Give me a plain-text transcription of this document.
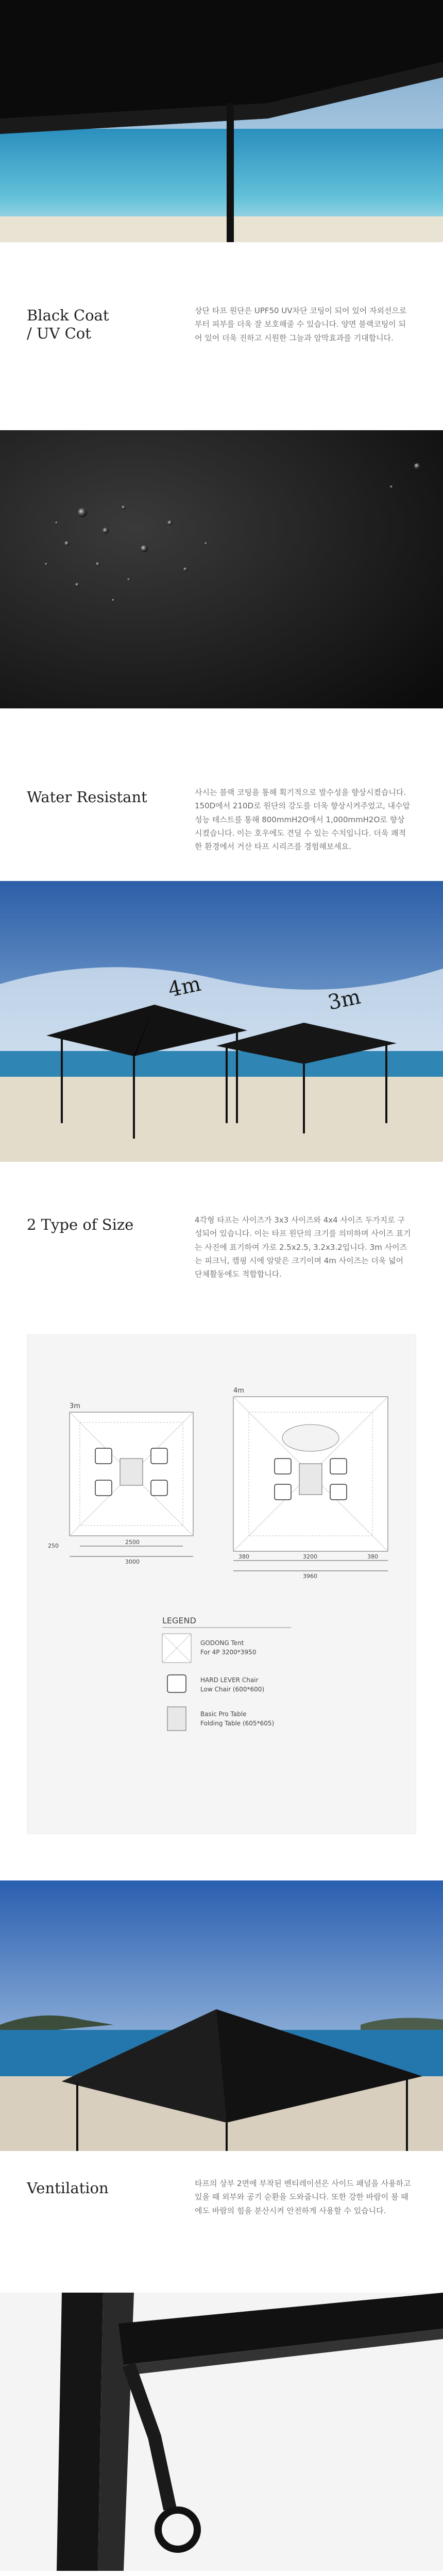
Black Coat
/ UV Cot
상단 타프 원단은 UPF50 UV차단 코팅이 되어 있어 자외선으로 부터 피부를 더욱 잘 보호해줄 수 있습니다. 양면 블랙코팅이 되어 있어 더욱 진하고 시원한 그늘과 암막효과를 기대합니다.
Water Resistant	사시는 블랙 코팅을 통해 획기적으로 발수성을 향상시켰습니다. 150D에서 210D로 원단의 강도를 더욱 향상시켜주었고, 내수압 성능 테스트를 통해 800mmH2O에서 1,000mmH2O로 향상시켰습니다. 이는 호우에도 견딜 수 있는 수치입니다. 더욱 쾌적한 환경에서 거산 타프 시리즈를 경험해보세요.
4m	3m
2 Type of Size	4각형 타프는 사이즈가 3x3 사이즈와 4x4 사이즈 두가지로 구성되어 있습니다. 이는 타프 원단의 크기를 의미하며 사이즈 표기는 사진에 표기하여 가로 2.5x2.5, 3.2x3.2입니다. 3m 사이즈는 피크닉, 캠핑 시에 알맞은 크기이며 4m 사이즈는 더욱 넓어 단체활동에도 적합합니다.
3m
2500
3000
250
4m
380	3200	380
3960
LEGEND
GODONG Tent
For 4P 3200*3950
HARD LEVER Chair
Low Chair (600*600)
Basic Pro Table
Folding Table (605*605)
Ventilation	타프의 상부 2면에 부착된 벤티레이션은 사이드 패널을 사용하고 있을 때 외부와 공기 순환을 도와줍니다. 또한 강한 바람이 불 때에도 바람의 힘을 분산시켜 안전하게 사용할 수 있습니다.
